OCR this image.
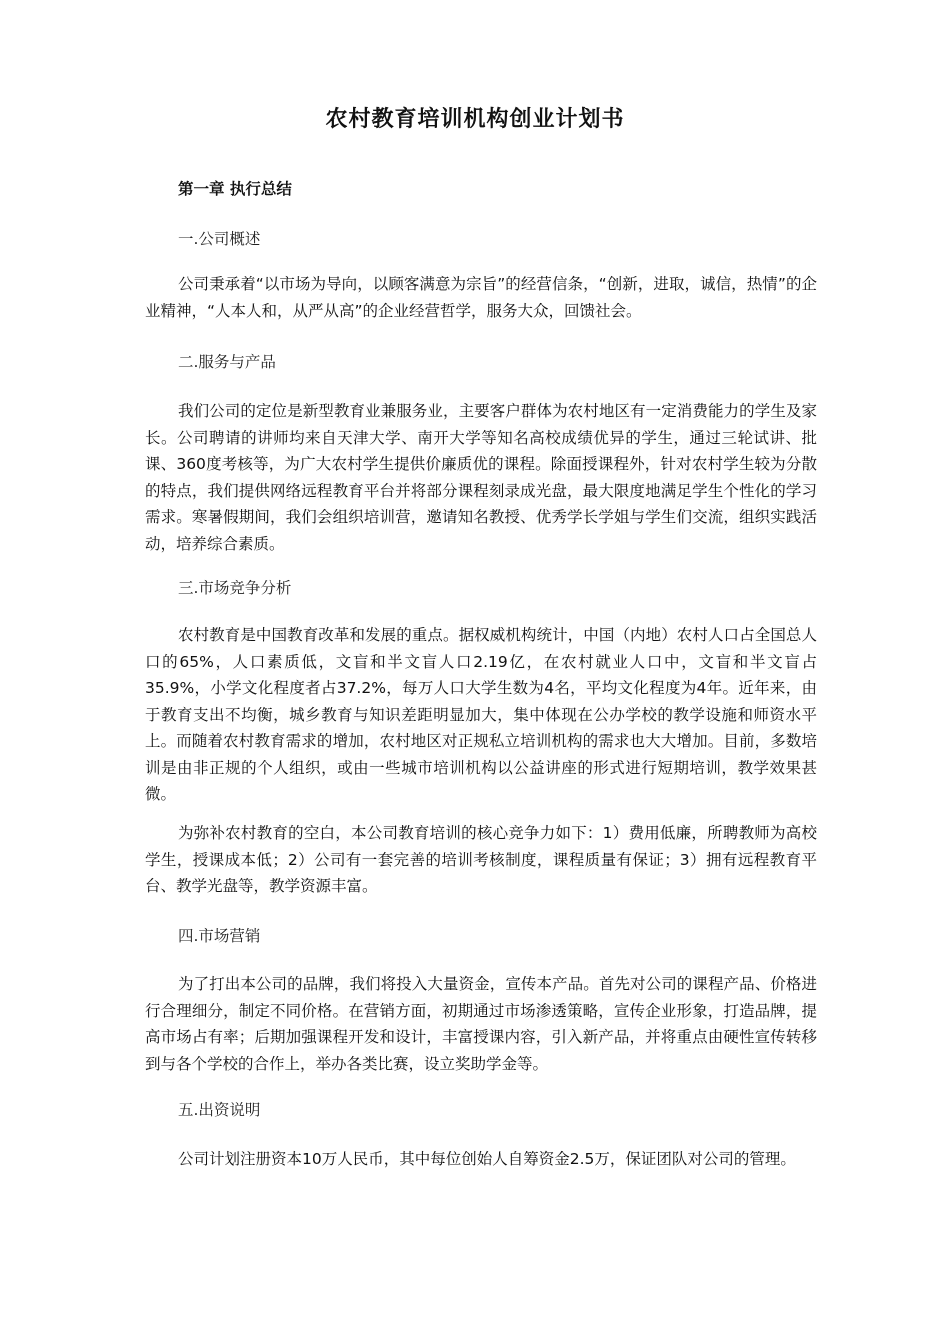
农村教育培训机构创业计划书
第一章 执行总结
一.公司概述
公司秉承着“以市场为导向，以顾客满意为宗旨”的经营信条，“创新，进取，诚信，热情”的企业精神，“人本人和，从严从高”的企业经营哲学，服务大众，回馈社会。
二.服务与产品
我们公司的定位是新型教育业兼服务业，主要客户群体为农村地区有一定消费能力的学生及家长。公司聘请的讲师均来自天津大学、南开大学等知名高校成绩优异的学生，通过三轮试讲、批课、360度考核等，为广大农村学生提供价廉质优的课程。除面授课程外，针对农村学生较为分散的特点，我们提供网络远程教育平台并将部分课程刻录成光盘，最大限度地满足学生个性化的学习需求。寒暑假期间，我们会组织培训营，邀请知名教授、优秀学长学姐与学生们交流，组织实践活动，培养综合素质。
三.市场竞争分析
农村教育是中国教育改革和发展的重点。据权威机构统计，中国（内地）农村人口占全国总人口的65%，人口素质低，文盲和半文盲人口2.19亿，在农村就业人口中，文盲和半文盲占35.9%，小学文化程度者占37.2%，每万人口大学生数为4名，平均文化程度为4年。近年来，由于教育支出不均衡，城乡教育与知识差距明显加大，集中体现在公办学校的教学设施和师资水平上。而随着农村教育需求的增加，农村地区对正规私立培训机构的需求也大大增加。目前，多数培训是由非正规的个人组织，或由一些城市培训机构以公益讲座的形式进行短期培训，教学效果甚微。
为弥补农村教育的空白，本公司教育培训的核心竞争力如下：1）费用低廉，所聘教师为高校学生，授课成本低；2）公司有一套完善的培训考核制度，课程质量有保证；3）拥有远程教育平台、教学光盘等，教学资源丰富。
四.市场营销
为了打出本公司的品牌，我们将投入大量资金，宣传本产品。首先对公司的课程产品、价格进行合理细分，制定不同价格。在营销方面，初期通过市场渗透策略，宣传企业形象，打造品牌，提高市场占有率；后期加强课程开发和设计，丰富授课内容，引入新产品，并将重点由硬性宣传转移到与各个学校的合作上，举办各类比赛，设立奖助学金等。
五.出资说明
公司计划注册资本10万人民币，其中每位创始人自筹资金2.5万，保证团队对公司的管理。
